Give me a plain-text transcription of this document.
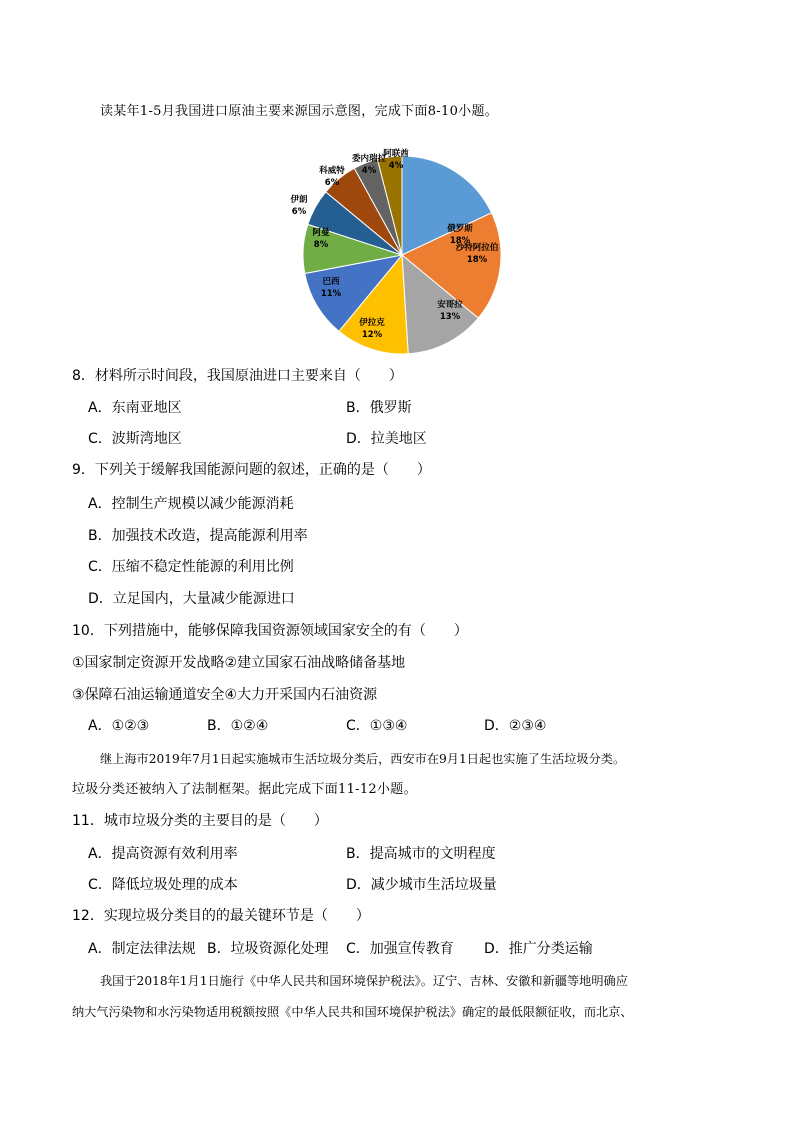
读某年1-5月我国进口原油主要来源国示意图，完成下面8-10小题。
俄罗斯
18%
沙特阿拉伯
18%
安哥拉
13%
伊拉克
12%
巴西
11%
阿曼
8%
伊朗
6%
科威特
6%
委内瑞拉
4%
阿联酋
4%
8．材料所示时间段，我国原油进口主要来自（　　）
A．东南亚地区	B．俄罗斯
C．波斯湾地区	D．拉美地区
9．下列关于缓解我国能源问题的叙述，正确的是（　　）
A．控制生产规模以减少能源消耗
B．加强技术改造，提高能源利用率
C．压缩不稳定性能源的利用比例
D．立足国内，大量减少能源进口
10．下列措施中，能够保障我国资源领域国家安全的有（　　）
①国家制定资源开发战略②建立国家石油战略储备基地
③保障石油运输通道安全④大力开采国内石油资源
A．①②③	B．①②④	C．①③④	D．②③④
继上海市2019年7月1日起实施城市生活垃圾分类后，西安市在9月1日起也实施了生活垃圾分类。
垃圾分类还被纳入了法制框架。据此完成下面11-12小题。
11．城市垃圾分类的主要目的是（　　）
A．提高资源有效利用率	B．提高城市的文明程度
C．降低垃圾处理的成本	D．减少城市生活垃圾量
12．实现垃圾分类目的的最关键环节是（　　）
A．制定法律法规 B．垃圾资源化处理 C．加强宣传教育 D．推广分类运输
我国于2018年1月1日施行《中华人民共和国环境保护税法》。辽宁、吉林、安徽和新疆等地明确应
纳大气污染物和水污染物适用税额按照《中华人民共和国环境保护税法》确定的最低限额征收，而北京、
